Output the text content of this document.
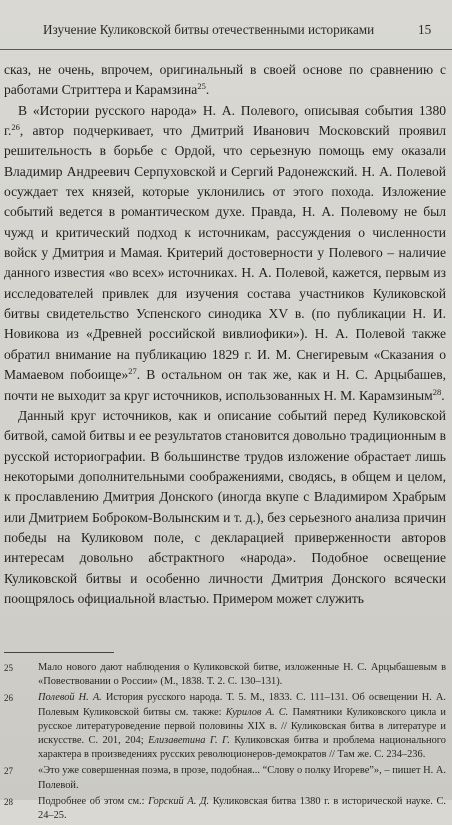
Изучение Куликовской битвы отечественными историками	15

сказ, не очень, впрочем, оригинальный в своей основе по сравнению с работами Стриттера и Карамзина$^{25}$.

В «Истории русского народа» Н. А. Полевого, описывая события 1380 г.$^{26}$, автор подчеркивает, что Дмитрий Иванович Московский проявил решительность в борьбе с Ордой, что серьезную помощь ему оказали Владимир Андреевич Серпуховской и Сергий Радонежский. Н. А. Полевой осуждает тех князей, которые уклонились от этого похода. Изложение событий ведется в романтическом духе. Правда, Н. А. Полевому не был чужд и критический подход к источникам, рассуждения о численности войск у Дмитрия и Мамая. Критерий достоверности у Полевого – наличие данного известия «во всех» источниках. Н. А. Полевой, кажется, первым из исследователей привлек для изучения состава участников Куликовской битвы свидетельство Успенского синодика XV в. (по публикации Н. И. Новикова из «Древней российской вивлиофики»). Н. А. Полевой также обратил внимание на публикацию 1829 г. И. М. Снегиревым «Сказания о Мамаевом побоище»$^{27}$. В остальном он так же, как и Н. С. Арцыбашев, почти не выходит за круг источников, использованных Н. М. Карамзиным$^{28}$.

Данный круг источников, как и описание событий перед Куликовской битвой, самой битвы и ее результатов становится довольно традиционным в русской историографии. В большинстве трудов изложение обрастает лишь некоторыми дополнительными соображениями, сводясь, в общем и целом, к прославлению Дмитрия Донского (иногда вкупе с Владимиром Храбрым или Дмитрием Боброком-Волынским и т. д.), без серьезного анализа причин победы на Куликовом поле, с декларацией приверженности авторов интересам довольно абстрактного «народа». Подобное освещение Куликовской битвы и особенно личности Дмитрия Донского всячески поощрялось официальной властью. Примером может служить

25 Мало нового дают наблюдения о Куликовской битве, изложенные Н. С. Арцыбашевым в «Повествовании о России» (М., 1838. Т. 2. С. 130–131).
26 Полевой Н. А. История русского народа. Т. 5. М., 1833. С. 111–131. Об освещении Н. А. Полевым Куликовской битвы см. также: Курилов А. С. Памятники Куликовского цикла и русское литературоведение первой половины XIX в. // Куликовская битва в литературе и искусстве. С. 201, 204; Елизаветина Г. Г. Куликовская битва и проблема национального характера в произведениях русских революционеров-демократов // Там же. С. 234–236.
27 «Это уже совершенная поэма, в прозе, подобная... “Слову о полку Игореве”», – пишет Н. А. Полевой.
28 Подробнее об этом см.: Горский А. Д. Куликовская битва 1380 г. в исторической науке. С. 24–25.
